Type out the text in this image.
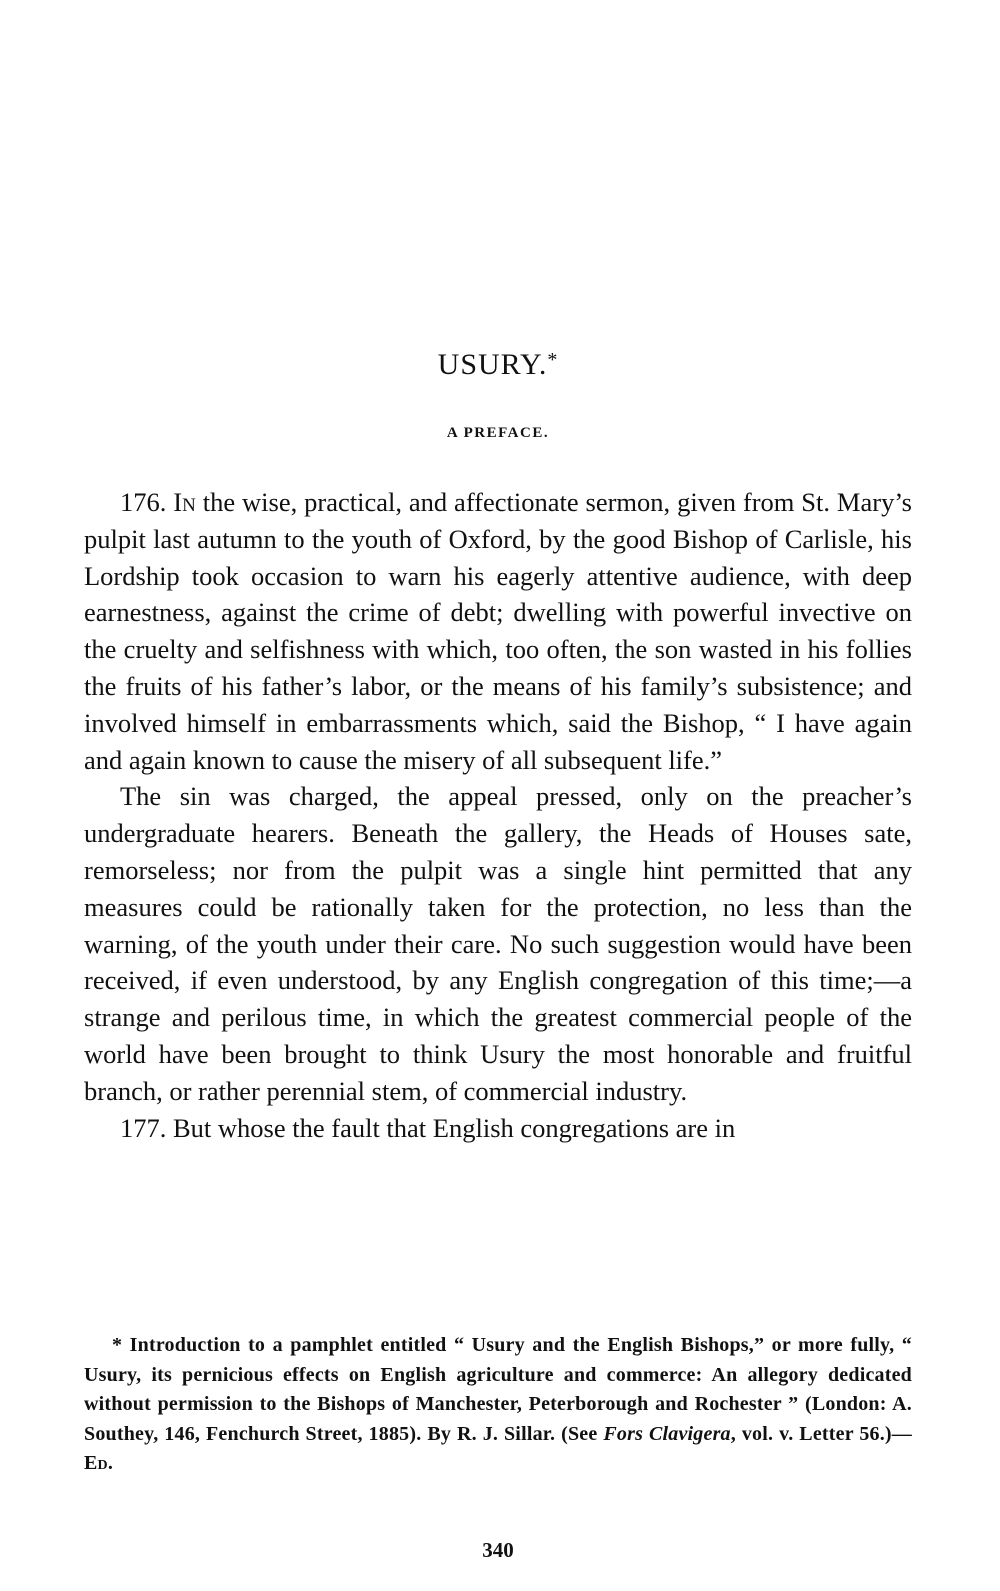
USURY.*
A PREFACE.

176. In the wise, practical, and affectionate sermon, given from St. Mary’s pulpit last autumn to the youth of Oxford, by the good Bishop of Carlisle, his Lordship took occasion to warn his eagerly attentive audience, with deep earnestness, against the crime of debt; dwelling with powerful invective on the cruelty and selfishness with which, too often, the son wasted in his follies the fruits of his father’s labor, or the means of his family’s subsistence; and involved himself in embarrassments which, said the Bishop, “ I have again and again known to cause the misery of all subsequent life.”

The sin was charged, the appeal pressed, only on the preacher’s undergraduate hearers. Beneath the gallery, the Heads of Houses sate, remorseless; nor from the pulpit was a single hint permitted that any measures could be rationally taken for the protection, no less than the warning, of the youth under their care. No such suggestion would have been received, if even understood, by any English congregation of this time;—a strange and perilous time, in which the greatest commercial people of the world have been brought to think Usury the most honorable and fruitful branch, or rather perennial stem, of commercial industry.

177. But whose the fault that English congregations are in

* Introduction to a pamphlet entitled “ Usury and the English Bishops,” or more fully, “ Usury, its pernicious effects on English agriculture and commerce: An allegory dedicated without permission to the Bishops of Manchester, Peterborough and Rochester ” (London: A. Southey, 146, Fenchurch Street, 1885). By R. J. Sillar. (See Fors Clavigera, vol. v. Letter 56.)—Ed.

340
